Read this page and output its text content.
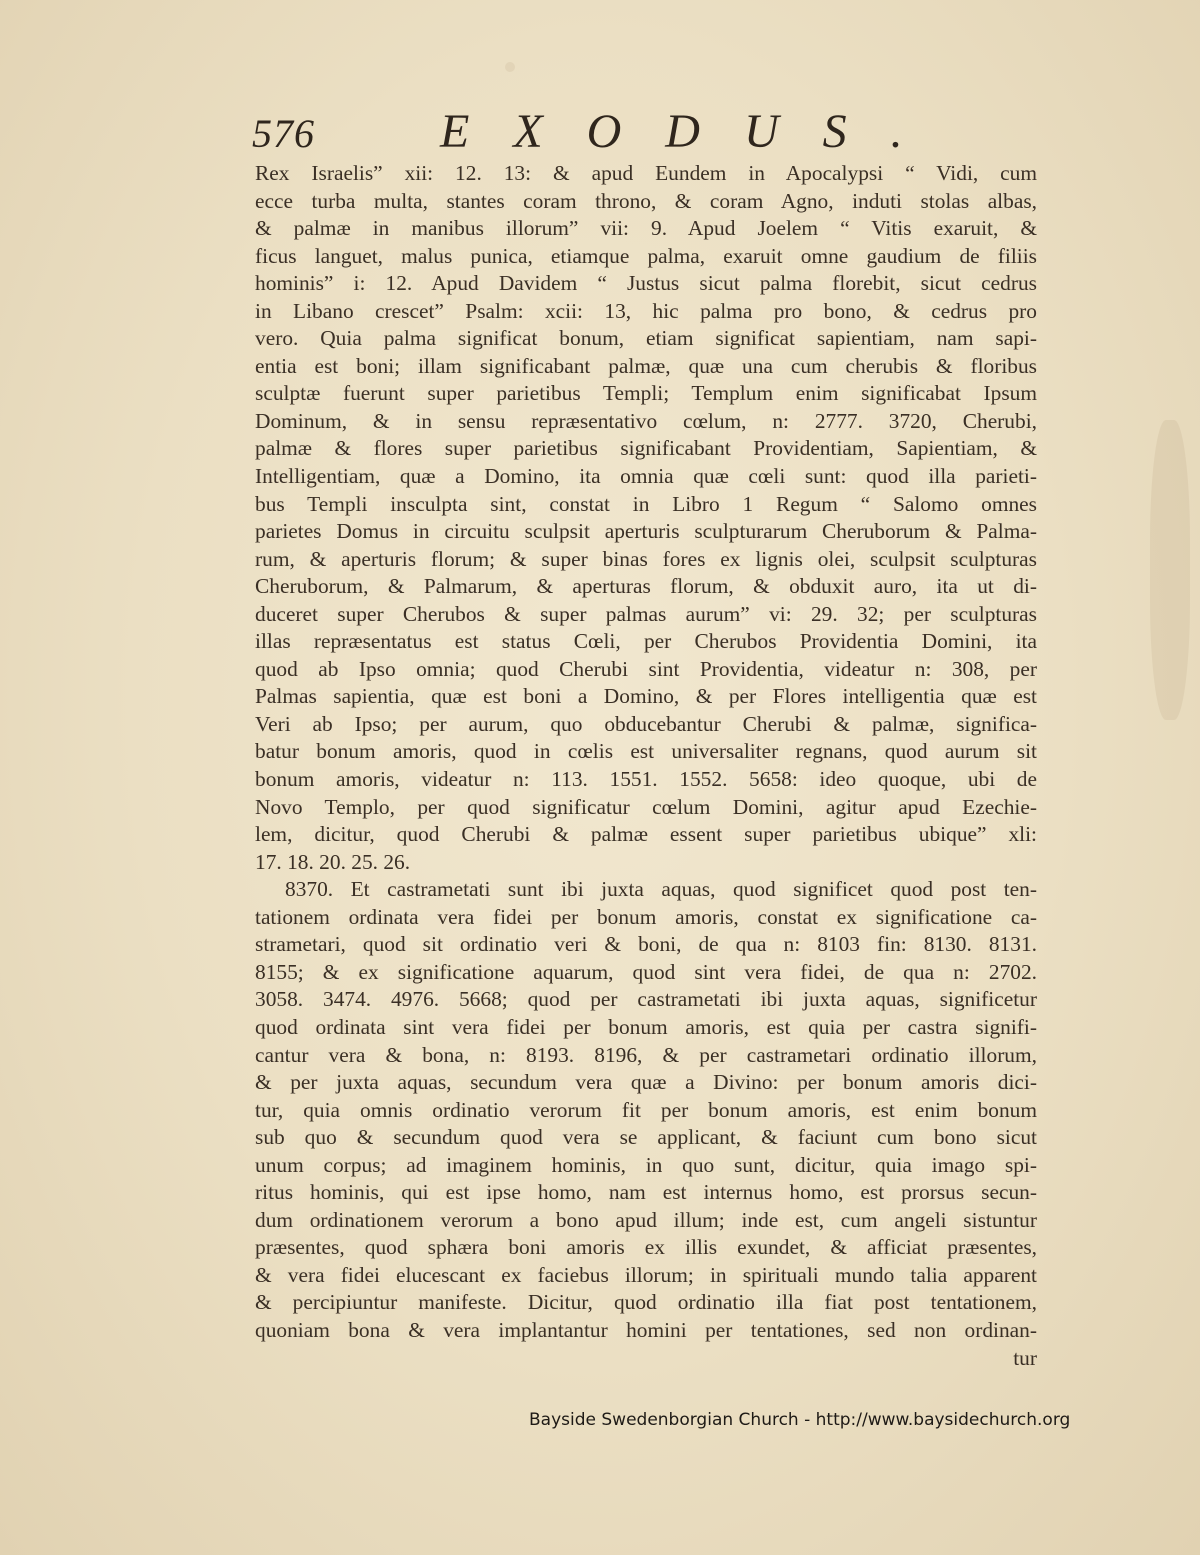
576	EXODUS.
Rex Israelis” xii: 12. 13: & apud Eundem in Apocalypsi “ Vidi, cum
ecce turba multa, stantes coram throno, & coram Agno, induti stolas albas,
& palmæ in manibus illorum” vii: 9. Apud Joelem “ Vitis exaruit, &
ficus languet, malus punica, etiamque palma, exaruit omne gaudium de filiis
hominis” i: 12. Apud Davidem “ Justus sicut palma florebit, sicut cedrus
in Libano crescet” Psalm: xcii: 13, hic palma pro bono, & cedrus pro
vero. Quia palma significat bonum, etiam significat sapientiam, nam sapi-
entia est boni; illam significabant palmæ, quæ una cum cherubis & floribus
sculptæ fuerunt super parietibus Templi; Templum enim significabat Ipsum
Dominum, & in sensu repræsentativo cœlum, n: 2777. 3720, Cherubi,
palmæ & flores super parietibus significabant Providentiam, Sapientiam, &
Intelligentiam, quæ a Domino, ita omnia quæ cœli sunt: quod illa parieti-
bus Templi insculpta sint, constat in Libro 1 Regum “ Salomo omnes
parietes Domus in circuitu sculpsit aperturis sculpturarum Cheruborum & Palma-
rum, & aperturis florum; & super binas fores ex lignis olei, sculpsit sculpturas
Cheruborum, & Palmarum, & aperturas florum, & obduxit auro, ita ut di-
duceret super Cherubos & super palmas aurum” vi: 29. 32; per sculpturas
illas repræsentatus est status Cœli, per Cherubos Providentia Domini, ita
quod ab Ipso omnia; quod Cherubi sint Providentia, videatur n: 308, per
Palmas sapientia, quæ est boni a Domino, & per Flores intelligentia quæ est
Veri ab Ipso; per aurum, quo obducebantur Cherubi & palmæ, significa-
batur bonum amoris, quod in cœlis est universaliter regnans, quod aurum sit
bonum amoris, videatur n: 113. 1551. 1552. 5658: ideo quoque, ubi de
Novo Templo, per quod significatur cœlum Domini, agitur apud Ezechie-
lem, dicitur, quod Cherubi & palmæ essent super parietibus ubique” xli:
17. 18. 20. 25. 26.
8370. Et castrametati sunt ibi juxta aquas, quod significet quod post ten-
tationem ordinata vera fidei per bonum amoris, constat ex significatione ca-
strametari, quod sit ordinatio veri & boni, de qua n: 8103 fin: 8130. 8131.
8155; & ex significatione aquarum, quod sint vera fidei, de qua n: 2702.
3058. 3474. 4976. 5668; quod per castrametati ibi juxta aquas, significetur
quod ordinata sint vera fidei per bonum amoris, est quia per castra signifi-
cantur vera & bona, n: 8193. 8196, & per castrametari ordinatio illorum,
& per juxta aquas, secundum vera quæ a Divino: per bonum amoris dici-
tur, quia omnis ordinatio verorum fit per bonum amoris, est enim bonum
sub quo & secundum quod vera se applicant, & faciunt cum bono sicut
unum corpus; ad imaginem hominis, in quo sunt, dicitur, quia imago spi-
ritus hominis, qui est ipse homo, nam est internus homo, est prorsus secun-
dum ordinationem verorum a bono apud illum; inde est, cum angeli sistuntur
præsentes, quod sphæra boni amoris ex illis exundet, & afficiat præsentes,
& vera fidei elucescant ex faciebus illorum; in spirituali mundo talia apparent
& percipiuntur manifeste. Dicitur, quod ordinatio illa fiat post tentationem,
quoniam bona & vera implantantur homini per tentationes, sed non ordinan-
tur
Bayside Swedenborgian Church - http://www.baysidechurch.org
